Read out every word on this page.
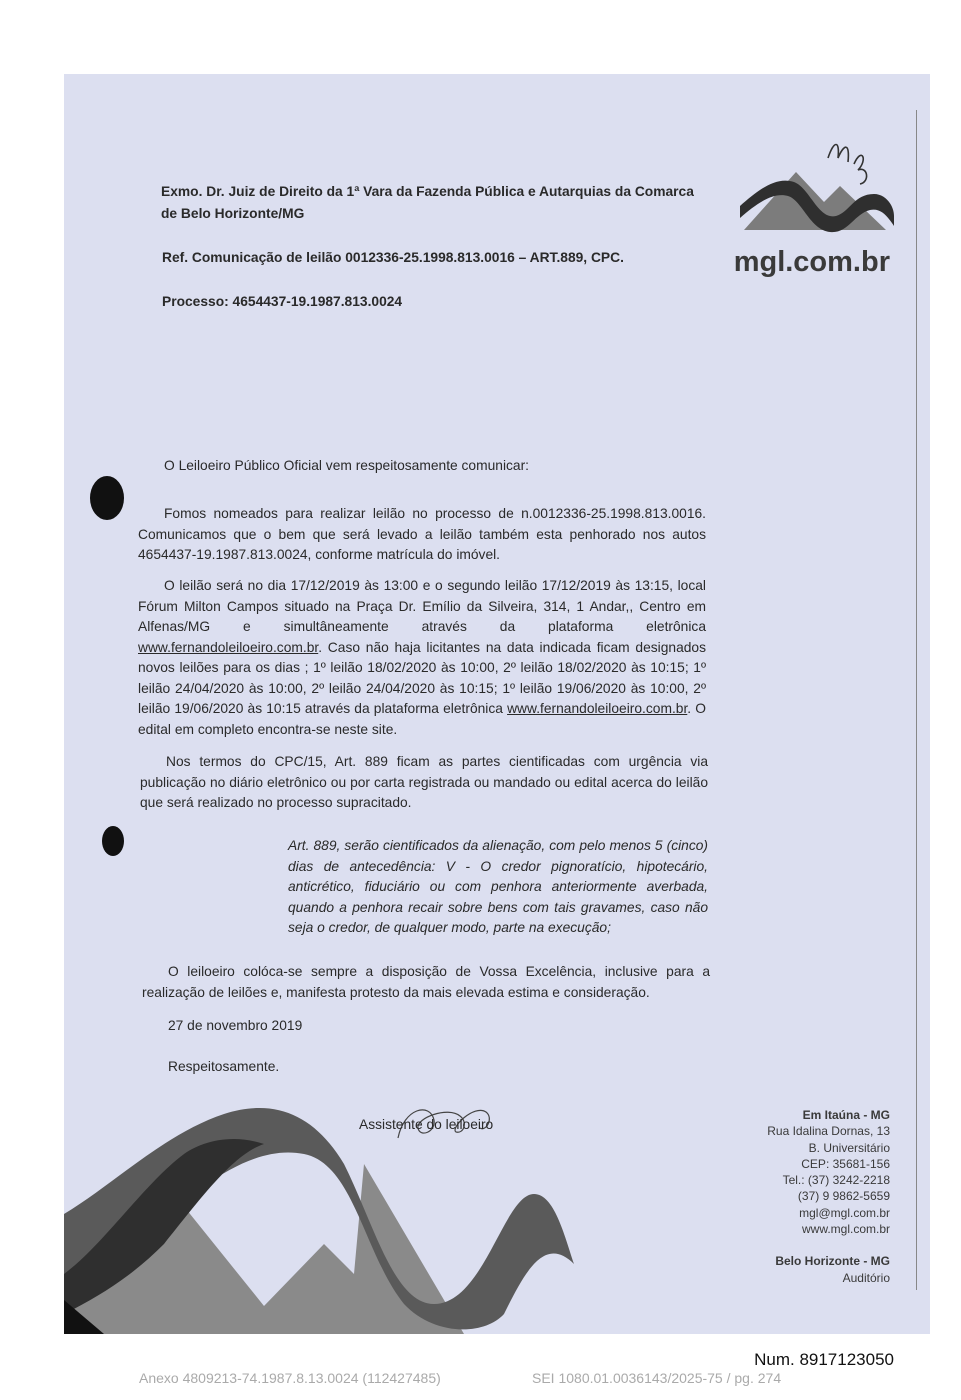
mgl.com.br
Exmo. Dr. Juiz de Direito da 1ª Vara da Fazenda Pública e Autarquias da Comarca
de Belo Horizonte/MG
Ref. Comunicação de leilão 0012336-25.1998.813.0016 – ART.889, CPC.
Processo: 4654437-19.1987.813.0024
O Leiloeiro Público Oficial vem respeitosamente comunicar:
Fomos nomeados para realizar leilão no processo de n.0012336-25.1998.813.0016. Comunicamos que o bem que será levado a leilão também esta penhorado nos autos 4654437-19.1987.813.0024, conforme matrícula do imóvel.
O leilão será no dia 17/12/2019 às 13:00 e o segundo leilão 17/12/2019 às 13:15, local Fórum Milton Campos situado na Praça Dr. Emílio da Silveira, 314, 1 Andar,, Centro em Alfenas/MG e simultâneamente através da plataforma eletrônica www.fernandoleiloeiro.com.br. Caso não haja licitantes na data indicada ficam designados novos leilões para os dias ; 1º leilão 18/02/2020 às 10:00, 2º leilão 18/02/2020 às 10:15; 1º leilão 24/04/2020 às 10:00, 2º leilão 24/04/2020 às 10:15; 1º leilão 19/06/2020 às 10:00, 2º leilão 19/06/2020 às 10:15 através da plataforma eletrônica www.fernandoleiloeiro.com.br. O edital em completo encontra-se neste site.
Nos termos do CPC/15, Art. 889 ficam as partes cientificadas com urgência via publicação no diário eletrônico ou por carta registrada ou mandado ou edital acerca do leilão que será realizado no processo supracitado.
Art. 889, serão cientificados da alienação, com pelo menos 5 (cinco) dias de antecedência: V - O credor pignoratício, hipotecário, anticrético, fiduciário ou com penhora anteriormente averbada, quando a penhora recair sobre bens com tais gravames, caso não seja o credor, de qualquer modo, parte na execução;
O leiloeiro colóca-se sempre a disposição de Vossa Excelência, inclusive para a realização de leilões e, manifesta protesto da mais elevada estima e consideração.
27 de novembro 2019
Respeitosamente.
Assistente do leiloeiro
Em Itaúna - MG
Rua Idalina Dornas, 13
B. Universitário
CEP: 35681-156
Tel.: (37) 3242-2218
(37) 9 9862-5659
mgl@mgl.com.br
www.mgl.com.br
Belo Horizonte - MG
Auditório
Num. 8917123050
Anexo 4809213-74.1987.8.13.0024 (112427485)	SEI 1080.01.0036143/2025-75 / pg. 274
